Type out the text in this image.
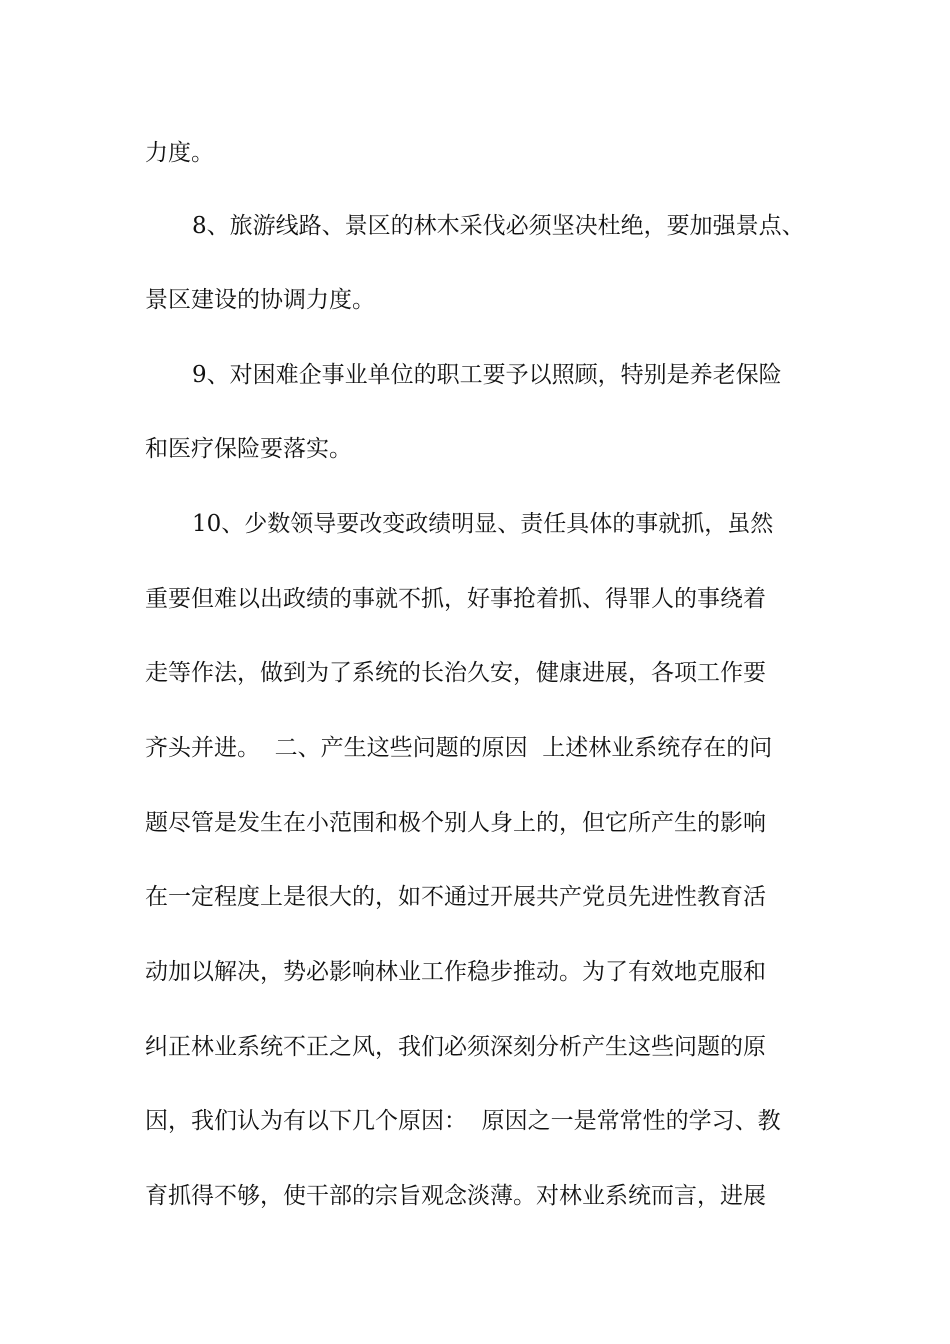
力度。

8、旅游线路、景区的林木采伐必须坚决杜绝，要加强景点、

景区建设的协调力度。

9、对困难企事业单位的职工要予以照顾，特别是养老保险

和医疗保险要落实。

10、少数领导要改变政绩明显、责任具体的事就抓，虽然

重要但难以出政绩的事就不抓，好事抢着抓、得罪人的事绕着

走等作法，做到为了系统的长治久安，健康进展，各项工作要

齐头并进。  二、产生这些问题的原因  上述林业系统存在的问

题尽管是发生在小范围和极个别人身上的，但它所产生的影响

在一定程度上是很大的，如不通过开展共产党员先进性教育活

动加以解决，势必影响林业工作稳步推动。为了有效地克服和

纠正林业系统不正之风，我们必须深刻分析产生这些问题的原

因，我们认为有以下几个原因：  原因之一是常常性的学习、教

育抓得不够，使干部的宗旨观念淡薄。对林业系统而言，进展
